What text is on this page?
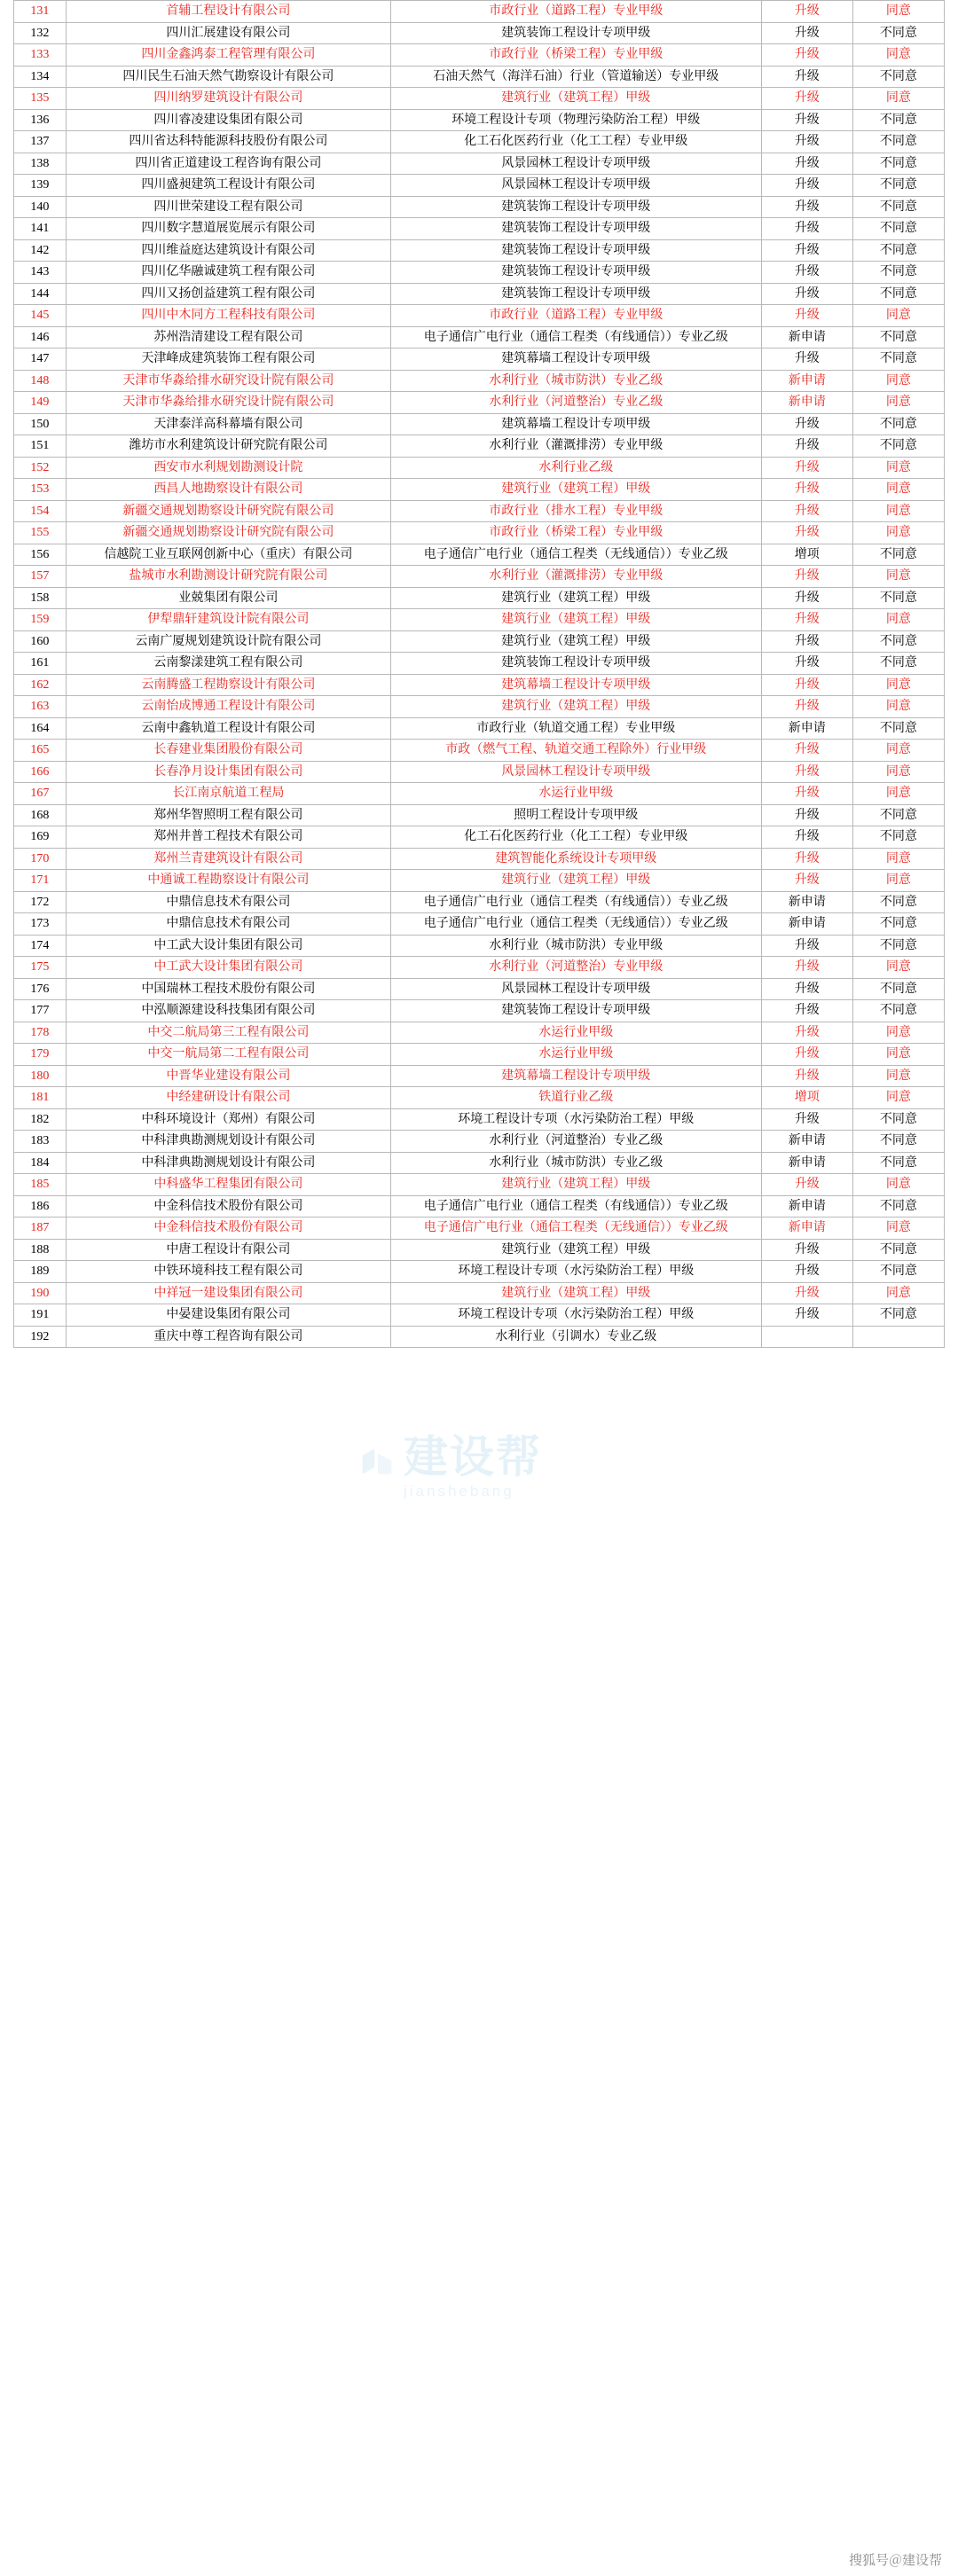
131	首辅工程设计有限公司	市政行业（道路工程）专业甲级	升级	同意
132	四川汇展建设有限公司	建筑装饰工程设计专项甲级	升级	不同意
133	四川金鑫鸿泰工程管理有限公司	市政行业（桥梁工程）专业甲级	升级	同意
134	四川民生石油天然气勘察设计有限公司	石油天然气（海洋石油）行业（管道输送）专业甲级	升级	不同意
135	四川纳罗建筑设计有限公司	建筑行业（建筑工程）甲级	升级	同意
136	四川睿凌建设集团有限公司	环境工程设计专项（物理污染防治工程）甲级	升级	不同意
137	四川省达科特能源科技股份有限公司	化工石化医药行业（化工工程）专业甲级	升级	不同意
138	四川省正道建设工程咨询有限公司	风景园林工程设计专项甲级	升级	不同意
139	四川盛昶建筑工程设计有限公司	风景园林工程设计专项甲级	升级	不同意
140	四川世荣建设工程有限公司	建筑装饰工程设计专项甲级	升级	不同意
141	四川数字慧道展览展示有限公司	建筑装饰工程设计专项甲级	升级	不同意
142	四川维益庭达建筑设计有限公司	建筑装饰工程设计专项甲级	升级	不同意
143	四川亿华融诚建筑工程有限公司	建筑装饰工程设计专项甲级	升级	不同意
144	四川又扬创益建筑工程有限公司	建筑装饰工程设计专项甲级	升级	不同意
145	四川中木同方工程科技有限公司	市政行业（道路工程）专业甲级	升级	同意
146	苏州浩清建设工程有限公司	电子通信广电行业（通信工程类（有线通信））专业乙级	新申请	不同意
147	天津峰成建筑装饰工程有限公司	建筑幕墙工程设计专项甲级	升级	不同意
148	天津市华淼给排水研究设计院有限公司	水利行业（城市防洪）专业乙级	新申请	同意
149	天津市华淼给排水研究设计院有限公司	水利行业（河道整治）专业乙级	新申请	同意
150	天津泰洋高科幕墙有限公司	建筑幕墙工程设计专项甲级	升级	不同意
151	潍坊市水利建筑设计研究院有限公司	水利行业（灌溉排涝）专业甲级	升级	不同意
152	西安市水利规划勘测设计院	水利行业乙级	升级	同意
153	西昌人地勘察设计有限公司	建筑行业（建筑工程）甲级	升级	同意
154	新疆交通规划勘察设计研究院有限公司	市政行业（排水工程）专业甲级	升级	同意
155	新疆交通规划勘察设计研究院有限公司	市政行业（桥梁工程）专业甲级	升级	同意
156	信越院工业互联网创新中心（重庆）有限公司	电子通信广电行业（通信工程类（无线通信））专业乙级	增项	不同意
157	盐城市水利勘测设计研究院有限公司	水利行业（灌溉排涝）专业甲级	升级	同意
158	业兢集团有限公司	建筑行业（建筑工程）甲级	升级	不同意
159	伊犁鼎轩建筑设计院有限公司	建筑行业（建筑工程）甲级	升级	同意
160	云南广厦规划建筑设计院有限公司	建筑行业（建筑工程）甲级	升级	不同意
161	云南黎漾建筑工程有限公司	建筑装饰工程设计专项甲级	升级	不同意
162	云南腾盛工程勘察设计有限公司	建筑幕墙工程设计专项甲级	升级	同意
163	云南怡成博通工程设计有限公司	建筑行业（建筑工程）甲级	升级	同意
164	云南中鑫轨道工程设计有限公司	市政行业（轨道交通工程）专业甲级	新申请	不同意
165	长春建业集团股份有限公司	市政（燃气工程、轨道交通工程除外）行业甲级	升级	同意
166	长春净月设计集团有限公司	风景园林工程设计专项甲级	升级	同意
167	长江南京航道工程局	水运行业甲级	升级	同意
168	郑州华智照明工程有限公司	照明工程设计专项甲级	升级	不同意
169	郑州井普工程技术有限公司	化工石化医药行业（化工工程）专业甲级	升级	不同意
170	郑州兰青建筑设计有限公司	建筑智能化系统设计专项甲级	升级	同意
171	中通诚工程勘察设计有限公司	建筑行业（建筑工程）甲级	升级	同意
172	中鼎信息技术有限公司	电子通信广电行业（通信工程类（有线通信））专业乙级	新申请	不同意
173	中鼎信息技术有限公司	电子通信广电行业（通信工程类（无线通信））专业乙级	新申请	不同意
174	中工武大设计集团有限公司	水利行业（城市防洪）专业甲级	升级	不同意
175	中工武大设计集团有限公司	水利行业（河道整治）专业甲级	升级	同意
176	中国瑞林工程技术股份有限公司	风景园林工程设计专项甲级	升级	不同意
177	中泓顺源建设科技集团有限公司	建筑装饰工程设计专项甲级	升级	不同意
178	中交二航局第三工程有限公司	水运行业甲级	升级	同意
179	中交一航局第二工程有限公司	水运行业甲级	升级	同意
180	中晋华业建设有限公司	建筑幕墙工程设计专项甲级	升级	同意
181	中经建研设计有限公司	铁道行业乙级	增项	同意
182	中科环境设计（郑州）有限公司	环境工程设计专项（水污染防治工程）甲级	升级	不同意
183	中科津典勘测规划设计有限公司	水利行业（河道整治）专业乙级	新申请	不同意
184	中科津典勘测规划设计有限公司	水利行业（城市防洪）专业乙级	新申请	不同意
185	中科盛华工程集团有限公司	建筑行业（建筑工程）甲级	升级	同意
186	中金科信技术股份有限公司	电子通信广电行业（通信工程类（有线通信））专业乙级	新申请	不同意
187	中金科信技术股份有限公司	电子通信广电行业（通信工程类（无线通信））专业乙级	新申请	同意
188	中唐工程设计有限公司	建筑行业（建筑工程）甲级	升级	不同意
189	中铁环境科技工程有限公司	环境工程设计专项（水污染防治工程）甲级	升级	不同意
190	中祥冠一建设集团有限公司	建筑行业（建筑工程）甲级	升级	同意
191	中晏建设集团有限公司	环境工程设计专项（水污染防治工程）甲级	升级	不同意
192	重庆中尊工程咨询有限公司	水利行业（引调水）专业乙级		
建设帮
jianshebang
搜狐号＠建设帮
